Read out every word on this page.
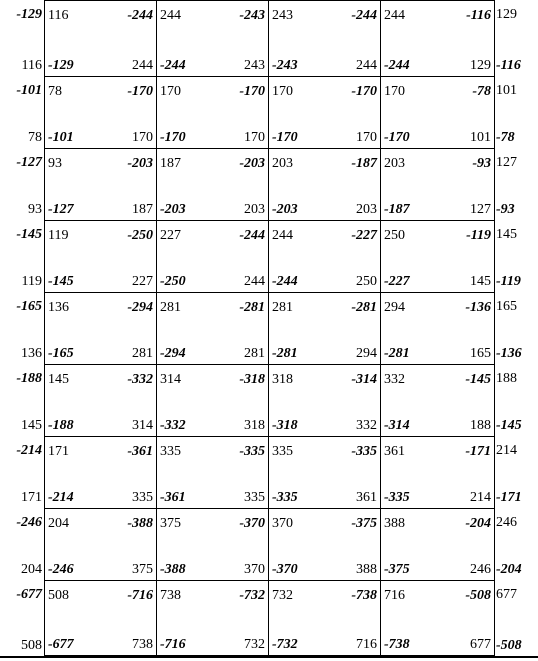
-129
116
116	-244
-129	244
244	-243
-244	243
243	-244
-243	244
244	-116
-244	129
129
-116
-101
78
78	-170
-101	170
170	-170
-170	170
170	-170
-170	170
170	-78
-170	101
101
-78
-127
93
93	-203
-127	187
187	-203
-203	203
203	-187
-203	203
203	-93
-187	127
127
-93
-145
119
119	-250
-145	227
227	-244
-250	244
244	-227
-244	250
250	-119
-227	145
145
-119
-165
136
136	-294
-165	281
281	-281
-294	281
281	-281
-281	294
294	-136
-281	165
165
-136
-188
145
145	-332
-188	314
314	-318
-332	318
318	-314
-318	332
332	-145
-314	188
188
-145
-214
171
171	-361
-214	335
335	-335
-361	335
335	-335
-335	361
361	-171
-335	214
214
-171
-246
204
204	-388
-246	375
375	-370
-388	370
370	-375
-370	388
388	-204
-375	246
246
-204
-677
508
508	-716
-677	738
738	-732
-716	732
732	-738
-732	716
716	-508
-738	677
677
-508
